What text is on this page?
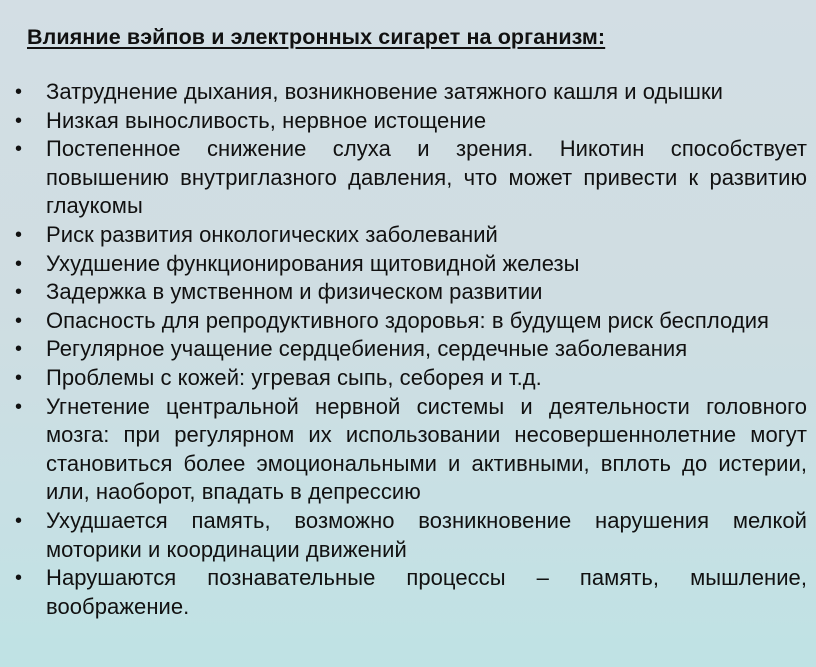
Влияние вэйпов и электронных сигарет на организм:
• Затруднение дыхания, возникновение затяжного кашля и одышки
• Низкая выносливость, нервное истощение
• Постепенное снижение слуха и зрения. Никотин способствует повышению внутриглазного давления, что может привести к развитию глаукомы
• Риск развития онкологических заболеваний
• Ухудшение функционирования щитовидной железы
• Задержка в умственном и физическом развитии
• Опасность для репродуктивного здоровья: в будущем риск бесплодия
• Регулярное учащение сердцебиения, сердечные заболевания
• Проблемы с кожей: угревая сыпь, себорея и т.д.
• Угнетение центральной нервной системы и деятельности головного мозга: при регулярном их использовании несовершеннолетние могут становиться более эмоциональными и активными, вплоть до истерии, или, наоборот, впадать в депрессию
• Ухудшается память, возможно возникновение нарушения мелкой моторики и координации движений
• Нарушаются познавательные процессы – память, мышление, воображение.
